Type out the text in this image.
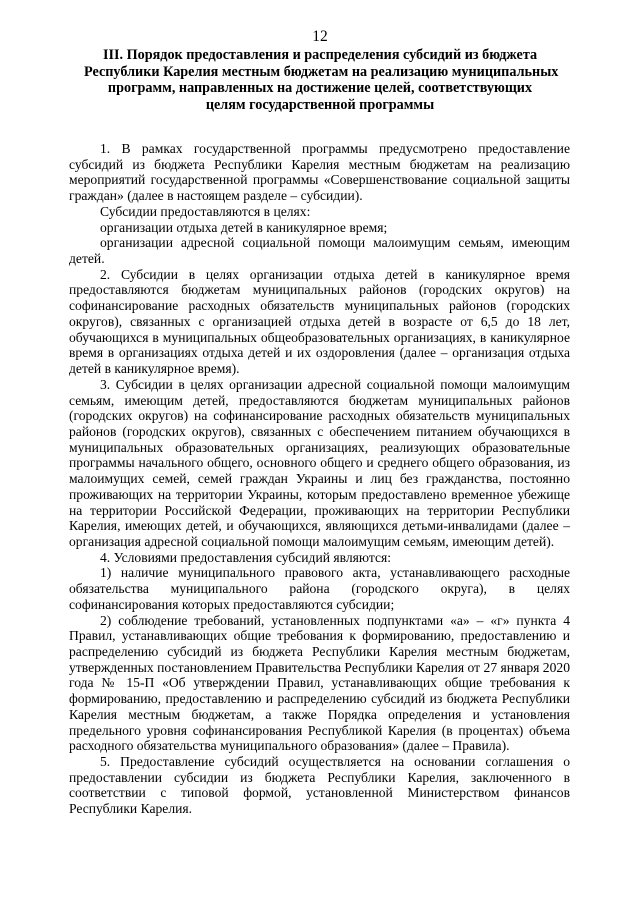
12
III. Порядок предоставления и распределения субсидий из бюджета
Республики Карелия местным бюджетам на реализацию муниципальных
программ, направленных на достижение целей, соответствующих
целям государственной программы

1. В рамках государственной программы предусмотрено предоставление субсидий из бюджета Республики Карелия местным бюджетам на реализацию мероприятий государственной программы «Совершенствование социальной защиты граждан» (далее в настоящем разделе – субсидии).

Субсидии предоставляются в целях:

организации отдыха детей в каникулярное время;

организации адресной социальной помощи малоимущим семьям, имеющим детей.

2. Субсидии в целях организации отдыха детей в каникулярное время предоставляются бюджетам муниципальных районов (городских округов) на софинансирование расходных обязательств муниципальных районов (городских округов), связанных с организацией отдыха детей в возрасте от 6,5 до 18 лет, обучающихся в муниципальных общеобразовательных организациях, в каникулярное время в организациях отдыха детей и их оздоровления (далее – организация отдыха детей в каникулярное время).

3. Субсидии в целях организации адресной социальной помощи малоимущим семьям, имеющим детей, предоставляются бюджетам муниципальных районов (городских округов) на софинансирование расходных обязательств муниципальных районов (городских округов), связанных с обеспечением питанием обучающихся в муниципальных образовательных организациях, реализующих образовательные программы начального общего, основного общего и среднего общего образования, из малоимущих семей, семей граждан Украины и лиц без гражданства, постоянно проживающих на территории Украины, которым предоставлено временное убежище на территории Российской Федерации, проживающих на территории Республики Карелия, имеющих детей, и обучающихся, являющихся детьми-инвалидами (далее – организация адресной социальной помощи малоимущим семьям, имеющим детей).

4. Условиями предоставления субсидий являются:

1) наличие муниципального правового акта, устанавливающего расходные обязательства муниципального района (городского округа), в целях софинансирования которых предоставляются субсидии;

2) соблюдение требований, установленных подпунктами «а» – «г» пункта 4 Правил, устанавливающих общие требования к формированию, предоставлению и распределению субсидий из бюджета Республики Карелия местным бюджетам, утвержденных постановлением Правительства Республики Карелия от 27 января 2020 года № 15-П «Об утверждении Правил, устанавливающих общие требования к формированию, предоставлению и распределению субсидий из бюджета Республики Карелия местным бюджетам, а также Порядка определения и установления предельного уровня софинансирования Республикой Карелия (в процентах) объема расходного обязательства муниципального образования» (далее – Правила).

5. Предоставление субсидий осуществляется на основании соглашения о предоставлении субсидии из бюджета Республики Карелия, заключенного в соответствии с типовой формой, установленной Министерством финансов Республики Карелия.
